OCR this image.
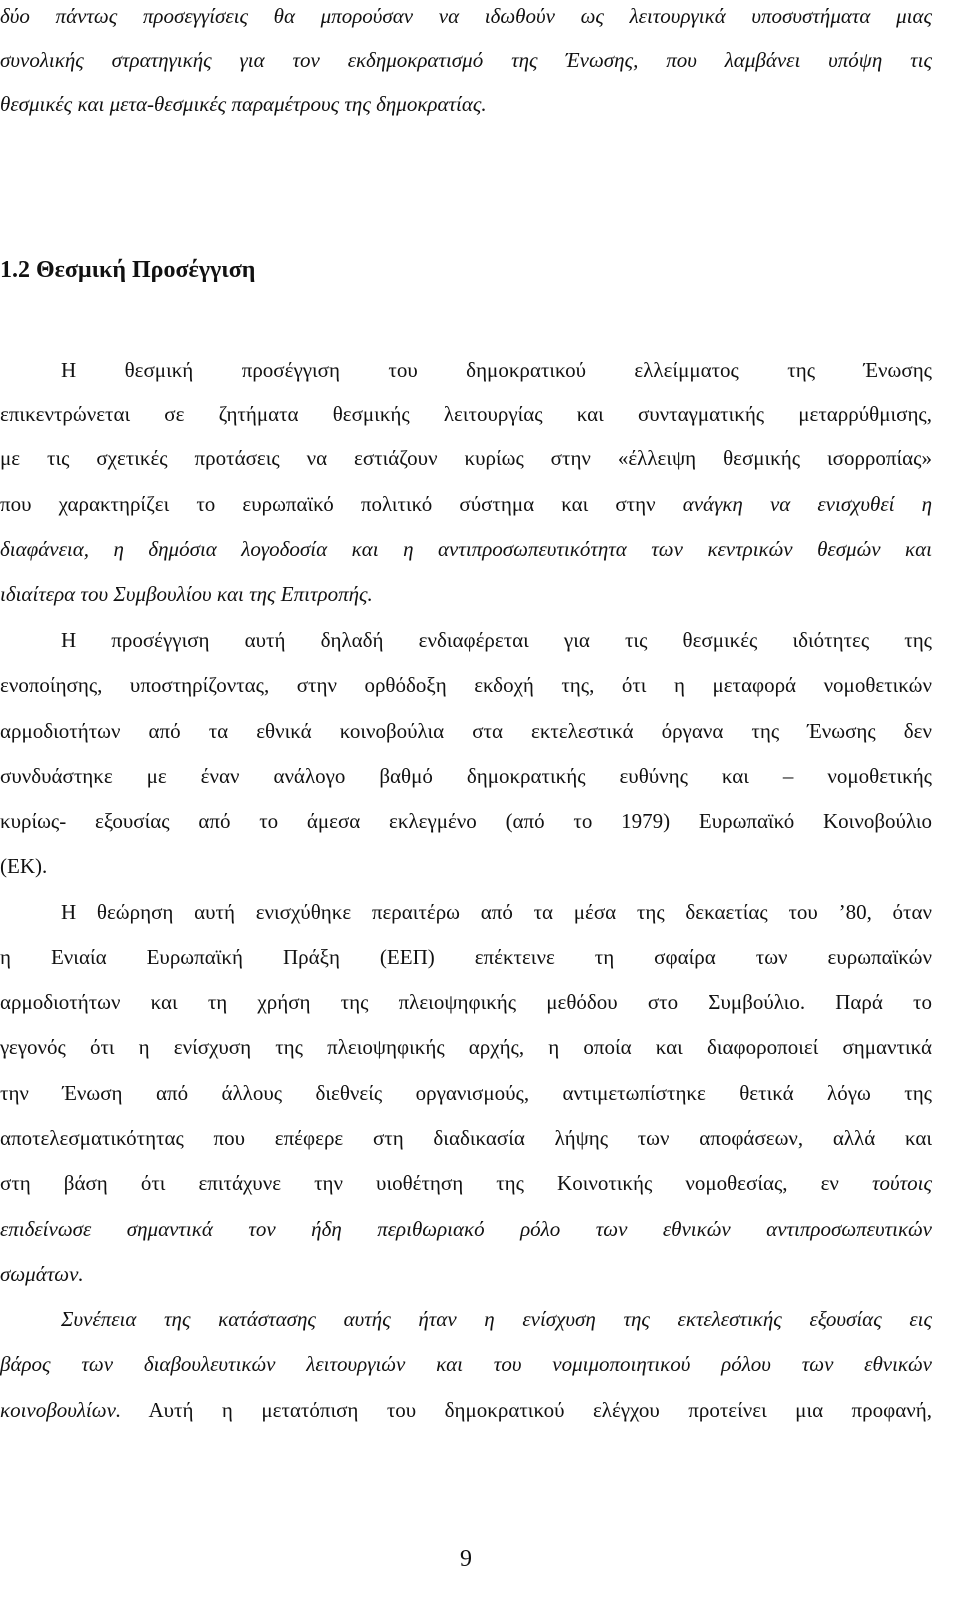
δύο πάντως προσεγγίσεις θα μπορούσαν να ιδωθούν ως λειτουργικά υποσυστήματα μιας

συνολικής στρατηγικής για τον εκδημοκρατισμό της Ένωσης, που λαμβάνει υπόψη τις

θεσμικές και μετα-θεσμικές παραμέτρους της δημοκρατίας.

1.2 Θεσμική Προσέγγιση

Η θεσμική προσέγγιση του δημοκρατικού ελλείμματος της Ένωσης

επικεντρώνεται σε ζητήματα θεσμικής λειτουργίας και συνταγματικής μεταρρύθμισης,

με τις σχετικές προτάσεις να εστιάζουν κυρίως στην «έλλειψη θεσμικής ισορροπίας»

που χαρακτηρίζει το ευρωπαϊκό πολιτικό σύστημα και στην ανάγκη να ενισχυθεί η

διαφάνεια, η δημόσια λογοδοσία και η αντιπροσωπευτικότητα των κεντρικών θεσμών και

ιδιαίτερα του Συμβουλίου και της Επιτροπής.

Η προσέγγιση αυτή δηλαδή ενδιαφέρεται για τις θεσμικές ιδιότητες της

ενοποίησης, υποστηρίζοντας, στην ορθόδοξη εκδοχή της, ότι η μεταφορά νομοθετικών

αρμοδιοτήτων από τα εθνικά κοινοβούλια στα εκτελεστικά όργανα της Ένωσης δεν

συνδυάστηκε με έναν ανάλογο βαθμό δημοκρατικής ευθύνης και – νομοθετικής

κυρίως- εξουσίας από το άμεσα εκλεγμένο (από το 1979) Ευρωπαϊκό Κοινοβούλιο

(ΕΚ).

Η θεώρηση αυτή ενισχύθηκε περαιτέρω από τα μέσα της δεκαετίας του ’80, όταν

η Ενιαία Ευρωπαϊκή Πράξη (ΕΕΠ) επέκτεινε τη σφαίρα των ευρωπαϊκών

αρμοδιοτήτων και τη χρήση της πλειοψηφικής μεθόδου στο Συμβούλιο. Παρά το

γεγονός ότι η ενίσχυση της πλειοψηφικής αρχής, η οποία και διαφοροποιεί σημαντικά

την Ένωση από άλλους διεθνείς οργανισμούς, αντιμετωπίστηκε θετικά λόγω της

αποτελεσματικότητας που επέφερε στη διαδικασία λήψης των αποφάσεων, αλλά και

στη βάση ότι επιτάχυνε την υιοθέτηση της Κοινοτικής νομοθεσίας, εν τούτοις

επιδείνωσε σημαντικά τον ήδη περιθωριακό ρόλο των εθνικών αντιπροσωπευτικών

σωμάτων.

Συνέπεια της κατάστασης αυτής ήταν η ενίσχυση της εκτελεστικής εξουσίας εις

βάρος των διαβουλευτικών λειτουργιών και του νομιμοποιητικού ρόλου των εθνικών

κοινοβουλίων. Αυτή η μετατόπιση του δημοκρατικού ελέγχου προτείνει μια προφανή,

9
